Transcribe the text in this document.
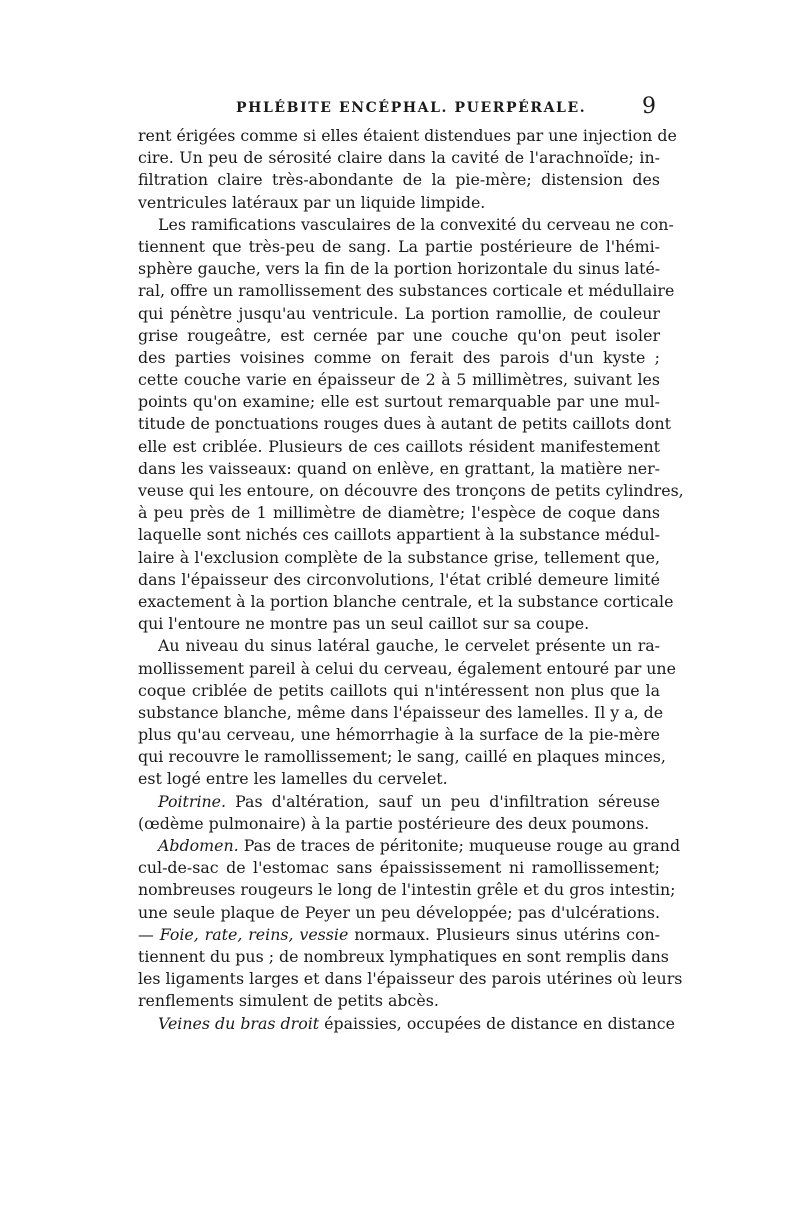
PHLÉBITE ENCÉPHAL. PUERPÉRALE.	9
rent érigées comme si elles étaient distendues par une injection de
cire. Un peu de sérosité claire dans la cavité de l'arachnoïde; in-
filtration claire très-abondante de la pie-mère; distension des
ventricules latéraux par un liquide limpide.
Les ramifications vasculaires de la convexité du cerveau ne con-
tiennent que très-peu de sang. La partie postérieure de l'hémi-
sphère gauche, vers la fin de la portion horizontale du sinus laté-
ral, offre un ramollissement des substances corticale et médullaire
qui pénètre jusqu'au ventricule. La portion ramollie, de couleur
grise rougeâtre, est cernée par une couche qu'on peut isoler
des parties voisines comme on ferait des parois d'un kyste ;
cette couche varie en épaisseur de 2 à 5 millimètres, suivant les
points qu'on examine; elle est surtout remarquable par une mul-
titude de ponctuations rouges dues à autant de petits caillots dont
elle est criblée. Plusieurs de ces caillots résident manifestement
dans les vaisseaux: quand on enlève, en grattant, la matière ner-
veuse qui les entoure, on découvre des tronçons de petits cylindres,
à peu près de 1 millimètre de diamètre; l'espèce de coque dans
laquelle sont nichés ces caillots appartient à la substance médul-
laire à l'exclusion complète de la substance grise, tellement que,
dans l'épaisseur des circonvolutions, l'état criblé demeure limité
exactement à la portion blanche centrale, et la substance corticale
qui l'entoure ne montre pas un seul caillot sur sa coupe.
Au niveau du sinus latéral gauche, le cervelet présente un ra-
mollissement pareil à celui du cerveau, également entouré par une
coque criblée de petits caillots qui n'intéressent non plus que la
substance blanche, même dans l'épaisseur des lamelles. Il y a, de
plus qu'au cerveau, une hémorrhagie à la surface de la pie-mère
qui recouvre le ramollissement; le sang, caillé en plaques minces,
est logé entre les lamelles du cervelet.
Poitrine. Pas d'altération, sauf un peu d'infiltration séreuse
(œdème pulmonaire) à la partie postérieure des deux poumons.
Abdomen. Pas de traces de péritonite; muqueuse rouge au grand
cul-de-sac de l'estomac sans épaississement ni ramollissement;
nombreuses rougeurs le long de l'intestin grêle et du gros intestin;
une seule plaque de Peyer un peu développée; pas d'ulcérations.
— Foie, rate, reins, vessie normaux. Plusieurs sinus utérins con-
tiennent du pus ; de nombreux lymphatiques en sont remplis dans
les ligaments larges et dans l'épaisseur des parois utérines où leurs
renflements simulent de petits abcès.
Veines du bras droit épaissies, occupées de distance en distance
